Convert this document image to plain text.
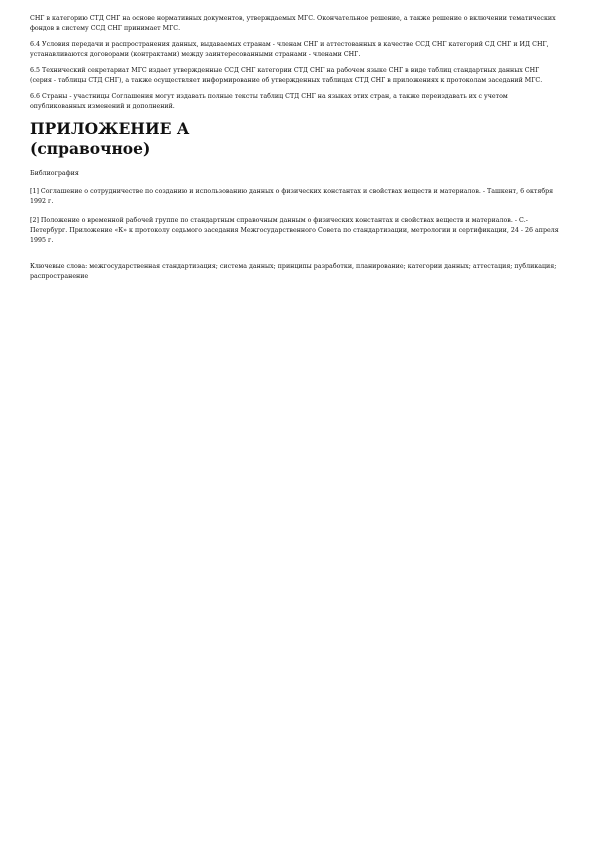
СНГ в категорию СТД СНГ на основе нормативных документов, утверждаемых МГС. Окончательное решение, а также решение о включении тематических фондов в систему ССД СНГ принимает МГС.

6.4 Условия передачи и распространения данных, выдаваемых странам - членам СНГ и аттестованных в качестве ССД СНГ категорий СД СНГ и ИД СНГ, устанавливаются договорами (контрактами) между заинтересованными странами - членами СНГ.

6.5 Технический секретариат МГС издает утвержденные ССД СНГ категории СТД СНГ на рабочем языке СНГ в виде таблиц стандартных данных СНГ (серия - таблицы СТД СНГ), а также осуществляет информирование об утвержденных таблицах СТД СНГ в приложениях к протоколам заседаний МГС.

6.6 Страны - участницы Соглашения могут издавать полные тексты таблиц СТД СНГ на языках этих стран, а также переиздавать их с учетом опубликованных изменений и дополнений.

ПРИЛОЖЕНИЕ А
(справочное)

Библиография

[1] Соглашение о сотрудничестве по созданию и использованию данных о физических константах и свойствах веществ и материалов. - Ташкент, 6 октября 1992 г.

[2] Положение о временной рабочей группе по стандартным справочным данным о физических константах и свойствах веществ и материалов. - С.-Петербург. Приложение «К» к протоколу седьмого заседания Межгосударственного Совета по стандартизации, метрологии и сертификации, 24 - 26 апреля 1995 г.

Ключевые слова: межгосударственная стандартизация; система данных; принципы разработки, планирование; категории данных; аттестация; публикация; распространение
